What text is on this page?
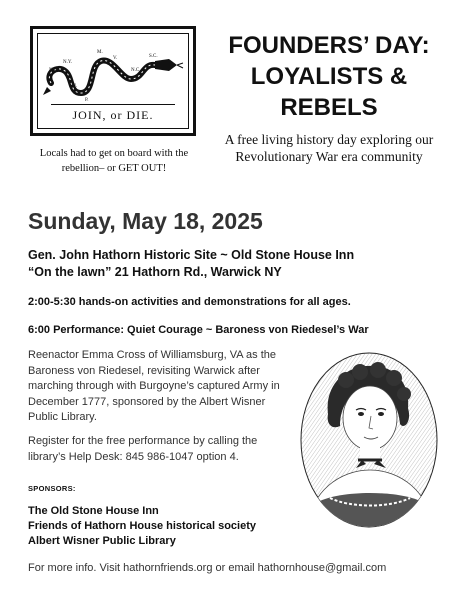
N.E.
N.Y.
N.J.
P.
M.
V.
N.C.
S.C.
JOIN, or DIE.
Locals had to get on board with the rebellion– or GET OUT!
FOUNDERS’ DAY:
LOYALISTS &
REBELS
A free living history day exploring our Revolutionary War era community
Sunday, May 18, 2025
Gen. John Hathorn Historic Site ~ Old Stone House Inn
“On the lawn” 21 Hathorn Rd., Warwick NY
2:00-5:30 hands-on activities and demonstrations for all ages.
6:00 Performance: Quiet Courage ~ Baroness von Riedesel’s War
Reenactor Emma Cross of Williamsburg, VA as the Baroness von Riedesel, revisiting Warwick after marching through with Burgoyne’s captured Army in December 1777, sponsored by the Albert Wisner Public Library.
Register for the free performance by calling the library’s Help Desk: 845 986-1047 option 4.
SPONSORS:
The Old Stone House Inn
Friends of Hathorn House historical society
Albert Wisner Public Library
For more info. Visit hathornfriends.org or email hathornhouse@gmail.com
